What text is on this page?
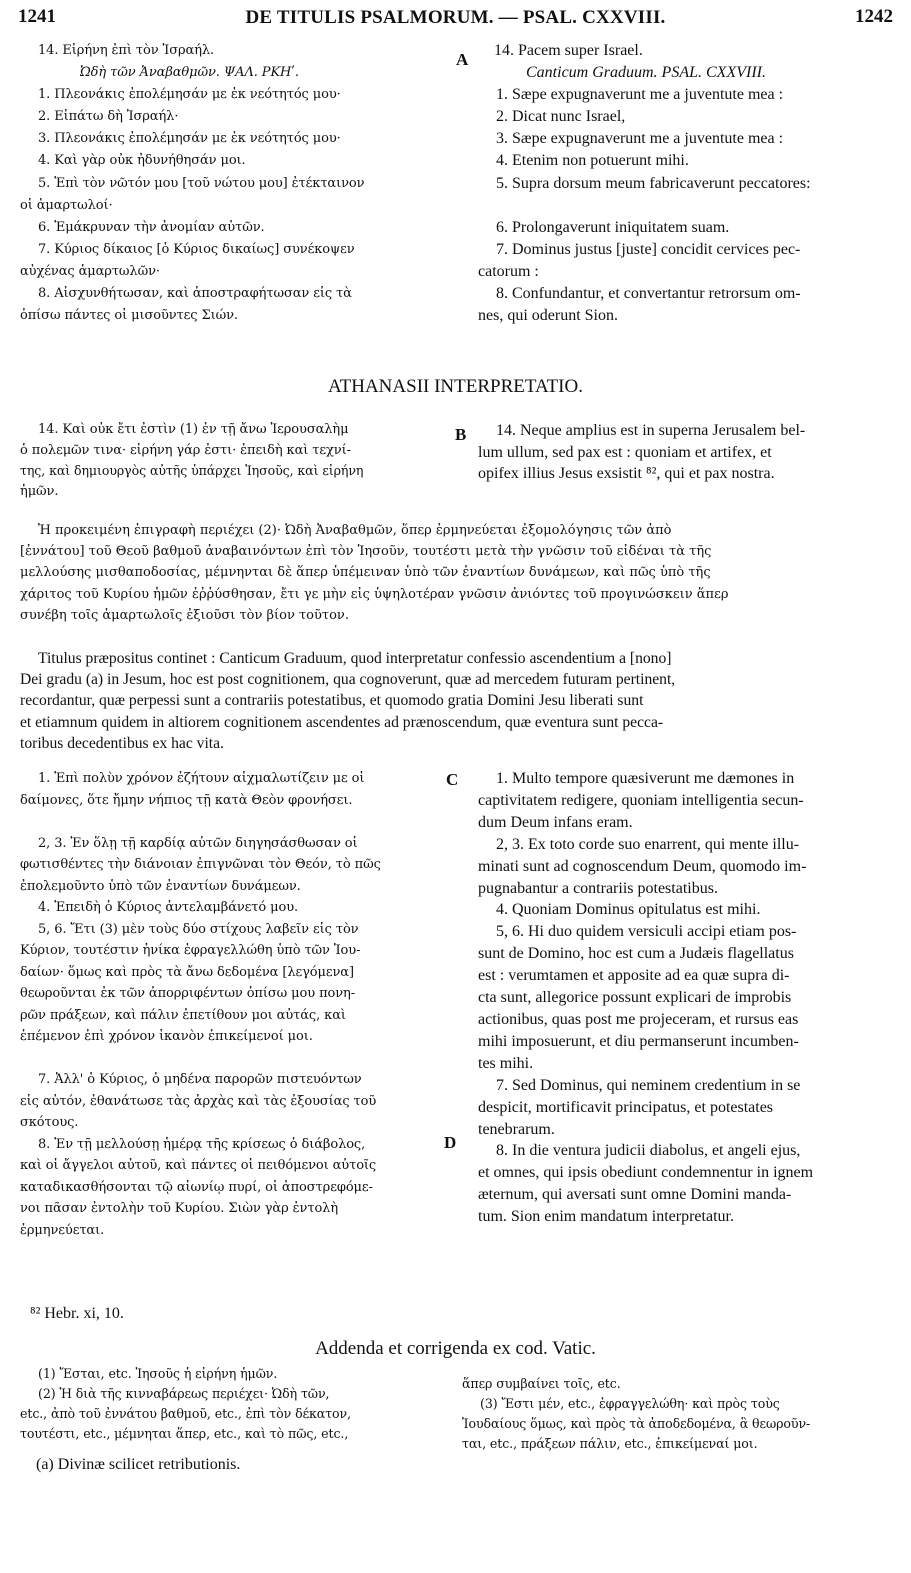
1241	DE TITULIS PSALMORUM. — PSAL. CXXVIII.	1242
A
B
C
D
14. Εἰρήνη ἐπὶ τὸν Ἰσραήλ.
Ὠδὴ τῶν Ἀναβαθμῶν. ΨΑΛ. ΡΚΗʹ.
1. Πλεονάκις ἐπολέμησάν με ἐκ νεότητός μου·
2. Εἰπάτω δὴ Ἰσραήλ·
3. Πλεονάκις ἐπολέμησάν με ἐκ νεότητός μου·
4. Καὶ γὰρ οὐκ ἠδυνήθησάν μοι.
5. Ἐπὶ τὸν νῶτόν μου [τοῦ νώτου μου] ἐτέκταινον
οἱ ἁμαρτωλοί·
6. Ἐμάκρυναν τὴν ἀνομίαν αὐτῶν.
7. Κύριος δίκαιος [ὁ Κύριος δικαίως] συνέκοψεν
αὐχένας ἁμαρτωλῶν·
8. Αἰσχυνθήτωσαν, καὶ ἀποστραφήτωσαν εἰς τὰ
ὀπίσω πάντες οἱ μισοῦντες Σιών.
14. Pacem super Israel.
Canticum Graduum. PSAL. CXXVIII.
1. Sæpe expugnaverunt me a juventute mea :
2. Dicat nunc Israel,
3. Sæpe expugnaverunt me a juventute mea :
4. Etenim non potuerunt mihi.
5. Supra dorsum meum fabricaverunt peccatores:
6. Prolongaverunt iniquitatem suam.
7. Dominus justus [juste] concidit cervices pec-
catorum :
8. Confundantur, et convertantur retrorsum om-
nes, qui oderunt Sion.
ATHANASII INTERPRETATIO.
14. Καὶ οὐκ ἔτι ἐστὶν (1) ἐν τῇ ἄνω Ἱερουσαλὴμ
ὁ πολεμῶν τινα· εἰρήνη γάρ ἐστι· ἐπειδὴ καὶ τεχνί-
της, καὶ δημιουργὸς αὐτῆς ὑπάρχει Ἰησοῦς, καὶ εἰρήνη
ἡμῶν.
14. Neque amplius est in superna Jerusalem bel-
lum ullum, sed pax est : quoniam et artifex, et
opifex illius Jesus exsistit ⁸², qui et pax nostra.
Ἡ προκειμένη ἐπιγραφὴ περιέχει (2)· Ὠδὴ Ἀναβαθμῶν, ὅπερ ἑρμηνεύεται ἐξομολόγησις τῶν ἀπὸ
[ἐννάτου] τοῦ Θεοῦ βαθμοῦ ἀναβαινόντων ἐπὶ τὸν Ἰησοῦν, τουτέστι μετὰ τὴν γνῶσιν τοῦ εἰδέναι τὰ τῆς
μελλούσης μισθαποδοσίας, μέμνηνται δὲ ἅπερ ὑπέμειναν ὑπὸ τῶν ἐναντίων δυνάμεων, καὶ πῶς ὑπὸ τῆς
χάριτος τοῦ Κυρίου ἡμῶν ἐῤῥύσθησαν, ἔτι γε μὴν εἰς ὑψηλοτέραν γνῶσιν ἀνιόντες τοῦ προγινώσκειν ἅπερ
συνέβη τοῖς ἁμαρτωλοῖς ἐξιοῦσι τὸν βίον τοῦτον.
Titulus præpositus continet : Canticum Graduum, quod interpretatur confessio ascendentium a [nono]
Dei gradu (a) in Jesum, hoc est post cognitionem, qua cognoverunt, quæ ad mercedem futuram pertinent,
recordantur, quæ perpessi sunt a contrariis potestatibus, et quomodo gratia Domini Jesu liberati sunt
et etiamnum quidem in altiorem cognitionem ascendentes ad prænoscendum, quæ eventura sunt pecca-
toribus decedentibus ex hac vita.
1. Ἐπὶ πολὺν χρόνον ἐζήτουν αἰχμαλωτίζειν με οἱ
δαίμονες, ὅτε ἤμην νήπιος τῇ κατὰ Θεὸν φρονήσει.
2, 3. Ἐν ὅλῃ τῇ καρδίᾳ αὐτῶν διηγησάσθωσαν οἱ
φωτισθέντες τὴν διάνοιαν ἐπιγνῶναι τὸν Θεόν, τὸ πῶς
ἐπολεμοῦντο ὑπὸ τῶν ἐναντίων δυνάμεων.
4. Ἐπειδὴ ὁ Κύριος ἀντελαμβάνετό μου.
5, 6. Ἔτι (3) μὲν τοὺς δύο στίχους λαβεῖν εἰς τὸν
Κύριον, τουτέστιν ἡνίκα ἐφραγελλώθη ὑπὸ τῶν Ἰου-
δαίων· ὅμως καὶ πρὸς τὰ ἄνω δεδομένα [λεγόμενα]
θεωροῦνται ἐκ τῶν ἀπορριφέντων ὀπίσω μου πονη-
ρῶν πράξεων, καὶ πάλιν ἐπετίθουν μοι αὐτάς, καὶ
ἐπέμενον ἐπὶ χρόνον ἱκανὸν ἐπικείμενοί μοι.
7. Ἀλλ' ὁ Κύριος, ὁ μηδένα παρορῶν πιστευόντων
εἰς αὐτόν, ἐθανάτωσε τὰς ἀρχὰς καὶ τὰς ἐξουσίας τοῦ
σκότους.
8. Ἐν τῇ μελλούσῃ ἡμέρᾳ τῆς κρίσεως ὁ διάβολος,
καὶ οἱ ἄγγελοι αὐτοῦ, καὶ πάντες οἱ πειθόμενοι αὐτοῖς
καταδικασθήσονται τῷ αἰωνίῳ πυρί, οἱ ἀποστρεφόμε-
νοι πᾶσαν ἐντολὴν τοῦ Κυρίου. Σιὼν γὰρ ἐντολὴ
ἑρμηνεύεται.
1. Multo tempore quæsiverunt me dæmones in
captivitatem redigere, quoniam intelligentia secun-
dum Deum infans eram.
2, 3. Ex toto corde suo enarrent, qui mente illu-
minati sunt ad cognoscendum Deum, quomodo im-
pugnabantur a contrariis potestatibus.
4. Quoniam Dominus opitulatus est mihi.
5, 6. Hi duo quidem versiculi accipi etiam pos-
sunt de Domino, hoc est cum a Judæis flagellatus
est : verumtamen et apposite ad ea quæ supra di-
cta sunt, allegorice possunt explicari de improbis
actionibus, quas post me projeceram, et rursus eas
mihi imposuerunt, et diu permanserunt incumben-
tes mihi.
7. Sed Dominus, qui neminem credentium in se
despicit, mortificavit principatus, et potestates
tenebrarum.
8. In die ventura judicii diabolus, et angeli ejus,
et omnes, qui ipsis obediunt condemnentur in ignem
æternum, qui aversati sunt omne Domini manda-
tum. Sion enim mandatum interpretatur.
⁸² Hebr. xi, 10.
Addenda et corrigenda ex cod. Vatic.
(1) Ἔσται, etc. Ἰησοῦς ἡ εἰρήνη ἡμῶν.
(2) Ἡ διὰ τῆς κινναβάρεως περιέχει· Ὠδὴ τῶν,
etc., ἀπὸ τοῦ ἐννάτου βαθμοῦ, etc., ἐπὶ τὸν δέκατον,
τουτέστι, etc., μέμνηται ἅπερ, etc., καὶ τὸ πῶς, etc.,
ἅπερ συμβαίνει τοῖς, etc.
(3) Ἔστι μέν, etc., ἐφραγγελώθη· καὶ πρὸς τοὺς
Ἰουδαίους ὅμως, καὶ πρὸς τὰ ἀποδεδομένα, ἃ θεωροῦν-
ται, etc., πράξεων πάλιν, etc., ἐπικείμεναί μοι.
(a) Divinæ scilicet retributionis.
